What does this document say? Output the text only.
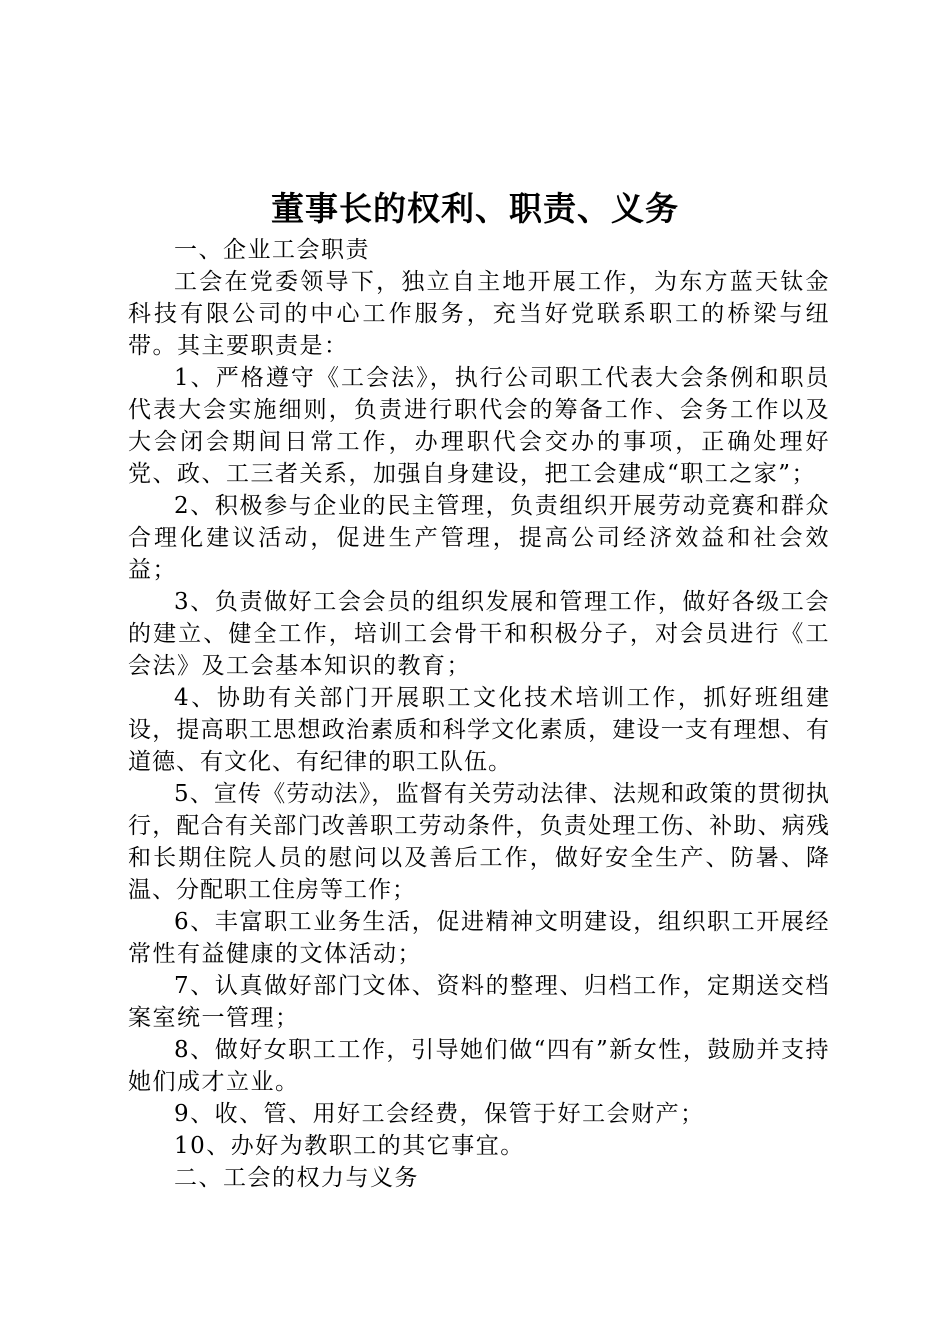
董事长的权利、职责、义务

一、企业工会职责

工会在党委领导下，独立自主地开展工作，为东方蓝天钛金科技有限公司的中心工作服务，充当好党联系职工的桥梁与纽带。其主要职责是：

1、严格遵守《工会法》，执行公司职工代表大会条例和职员代表大会实施细则，负责进行职代会的筹备工作、会务工作以及大会闭会期间日常工作，办理职代会交办的事项，正确处理好党、政、工三者关系，加强自身建设，把工会建成“职工之家”；

2、积极参与企业的民主管理，负责组织开展劳动竞赛和群众合理化建议活动，促进生产管理，提高公司经济效益和社会效益；

3、负责做好工会会员的组织发展和管理工作，做好各级工会的建立、健全工作，培训工会骨干和积极分子，对会员进行《工会法》及工会基本知识的教育；

4、协助有关部门开展职工文化技术培训工作，抓好班组建设，提高职工思想政治素质和科学文化素质，建设一支有理想、有道德、有文化、有纪律的职工队伍。

5、宣传《劳动法》，监督有关劳动法律、法规和政策的贯彻执行，配合有关部门改善职工劳动条件，负责处理工伤、补助、病残和长期住院人员的慰问以及善后工作，做好安全生产、防暑、降温、分配职工住房等工作；

6、丰富职工业务生活，促进精神文明建设，组织职工开展经常性有益健康的文体活动；

7、认真做好部门文体、资料的整理、归档工作，定期送交档案室统一管理；

8、做好女职工工作，引导她们做“四有”新女性，鼓励并支持她们成才立业。

9、收、管、用好工会经费，保管于好工会财产；

10、办好为教职工的其它事宜。

二、工会的权力与义务
